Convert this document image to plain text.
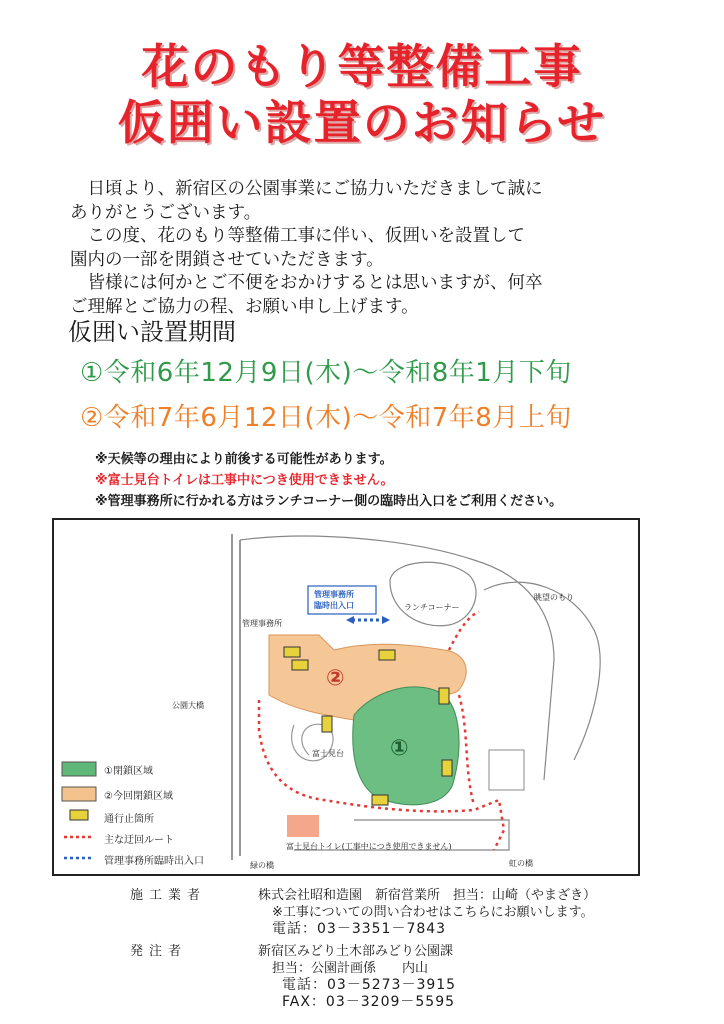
花のもり等整備工事
仮囲い設置のお知らせ

　日頃より、新宿区の公園事業にご協力いただきまして誠に

ありがとうございます。

　この度、花のもり等整備工事に伴い、仮囲いを設置して

園内の一部を閉鎖させていただきます。

　皆様には何かとご不便をおかけするとは思いますが、何卒

ご理解とご協力の程、お願い申し上げます。

仮囲い設置期間
①令和6年12月9日(木)～令和8年1月下旬
②令和7年6月12日(木)～令和7年8月上旬
※天候等の理由により前後する可能性があります。
※富士見台トイレは工事中につき使用できません。
※管理事務所に行かれる方はランチコーナー側の臨時出入口をご利用ください。
管理事務所
臨時出入口	ランチコーナー
眺望のもり
管理事務所
公園大橋
富士見台
富士見台トイレ(工事中につき使用できません)
緑の橋	虹の橋
②
①
①閉鎖区域
②今回閉鎖区域
通行止箇所
主な迂回ルート
管理事務所臨時出入口
施工業者	株式会社昭和造園　新宿営業所　担当：山崎（やまざき）
※工事についての問い合わせはこちらにお願いします。
電話：03－3351－7843
発注者	新宿区みどり土木部みどり公園課
担当：公園計画係　　内山
電話：03－5273－3915
FAX：03－3209－5595
